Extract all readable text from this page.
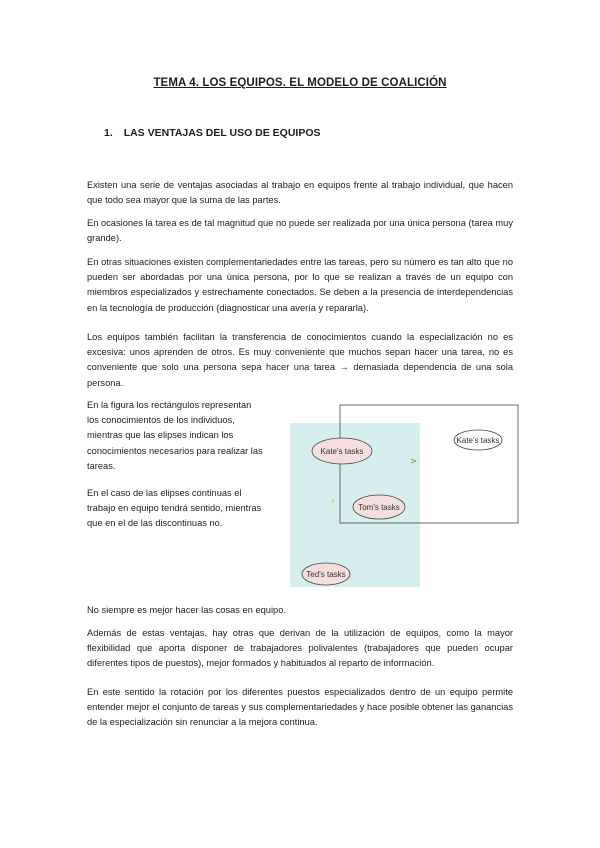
TEMA 4. LOS EQUIPOS. EL MODELO DE COALICIÓN
1. LAS VENTAJAS DEL USO DE EQUIPOS

Existen una serie de ventajas asociadas al trabajo en equipos frente al trabajo individual, que hacen que todo sea mayor que la suma de las partes.

En ocasiones la tarea es de tal magnitud que no puede ser realizada por una única persona (tarea muy grande).

En otras situaciones existen complementariedades entre las tareas, pero su número es tan alto que no pueden ser abordadas por una única persona, por lo que se realizan a través de un equipo con miembros especializados y estrechamente conectados. Se deben a la presencia de interdependencias en la tecnología de producción (diagnosticar una avería y repararla).

Los equipos también facilitan la transferencia de conocimientos cuando la especialización no es excesiva: unos aprenden de otros. Es muy conveniente que muchos sepan hacer una tarea, no es conveniente que solo una persona sepa hacer una tarea → demasiada dependencia de una sola persona.

En la figura los rectángulos representan los conocimientos de los individuos, mientras que las elipses indican los conocimientos necesarios para realizar las tareas.

En el caso de las elipses continuas el trabajo en equipo tendrá sentido, mientras que en el de las discontinuas no.

Kate's tasks
Kate's tasks
Tom's tasks
Ted's tasks

No siempre es mejor hacer las cosas en equipo.

Además de estas ventajas, hay otras que derivan de la utilización de equipos, como la mayor flexibilidad que aporta disponer de trabajadores polivalentes (trabajadores que pueden ocupar diferentes tipos de puestos), mejor formados y habituados al reparto de información.

En este sentido la rotación por los diferentes puestos especializados dentro de un equipo permite entender mejor el conjunto de tareas y sus complementariedades y hace posible obtener las ganancias de la especialización sin renunciar a la mejora continua.
